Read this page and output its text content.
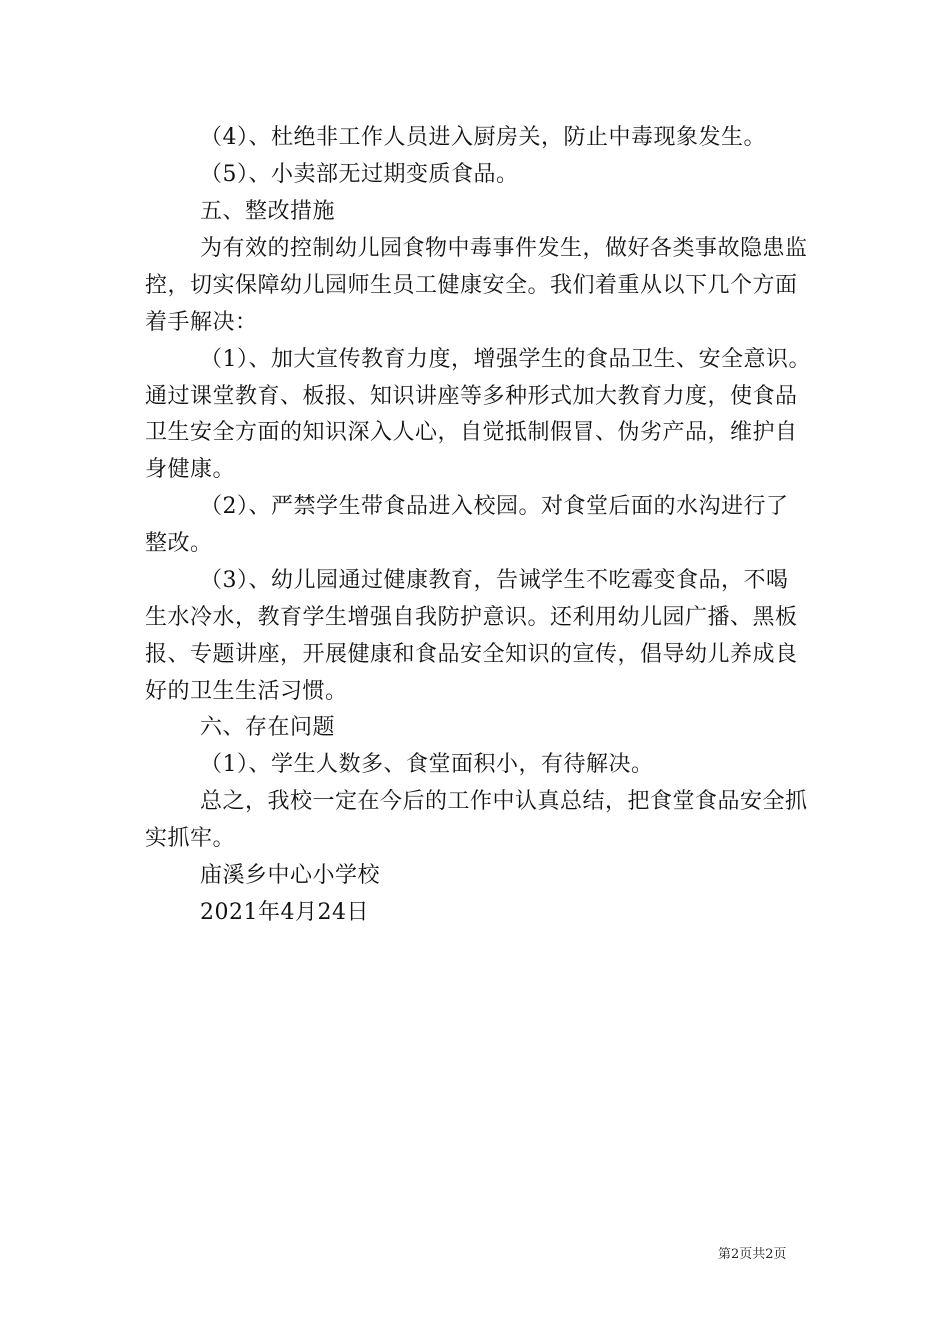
（4）、杜绝非工作人员进入厨房关，防止中毒现象发生。
（5）、小卖部无过期变质食品。
五、整改措施
为有效的控制幼儿园食物中毒事件发生，做好各类事故隐患监
控，切实保障幼儿园师生员工健康安全。我们着重从以下几个方面
着手解决：
（1）、加大宣传教育力度，增强学生的食品卫生、安全意识。
通过课堂教育、板报、知识讲座等多种形式加大教育力度，使食品
卫生安全方面的知识深入人心，自觉抵制假冒、伪劣产品，维护自
身健康。
（2）、严禁学生带食品进入校园。对食堂后面的水沟进行了
整改。
（3）、幼儿园通过健康教育，告诫学生不吃霉变食品，不喝
生水冷水，教育学生增强自我防护意识。还利用幼儿园广播、黑板
报、专题讲座，开展健康和食品安全知识的宣传，倡导幼儿养成良
好的卫生生活习惯。
六、存在问题
（1）、学生人数多、食堂面积小，有待解决。
总之，我校一定在今后的工作中认真总结，把食堂食品安全抓
实抓牢。
庙溪乡中心小学校
2021年4月24日
第2页共2页
